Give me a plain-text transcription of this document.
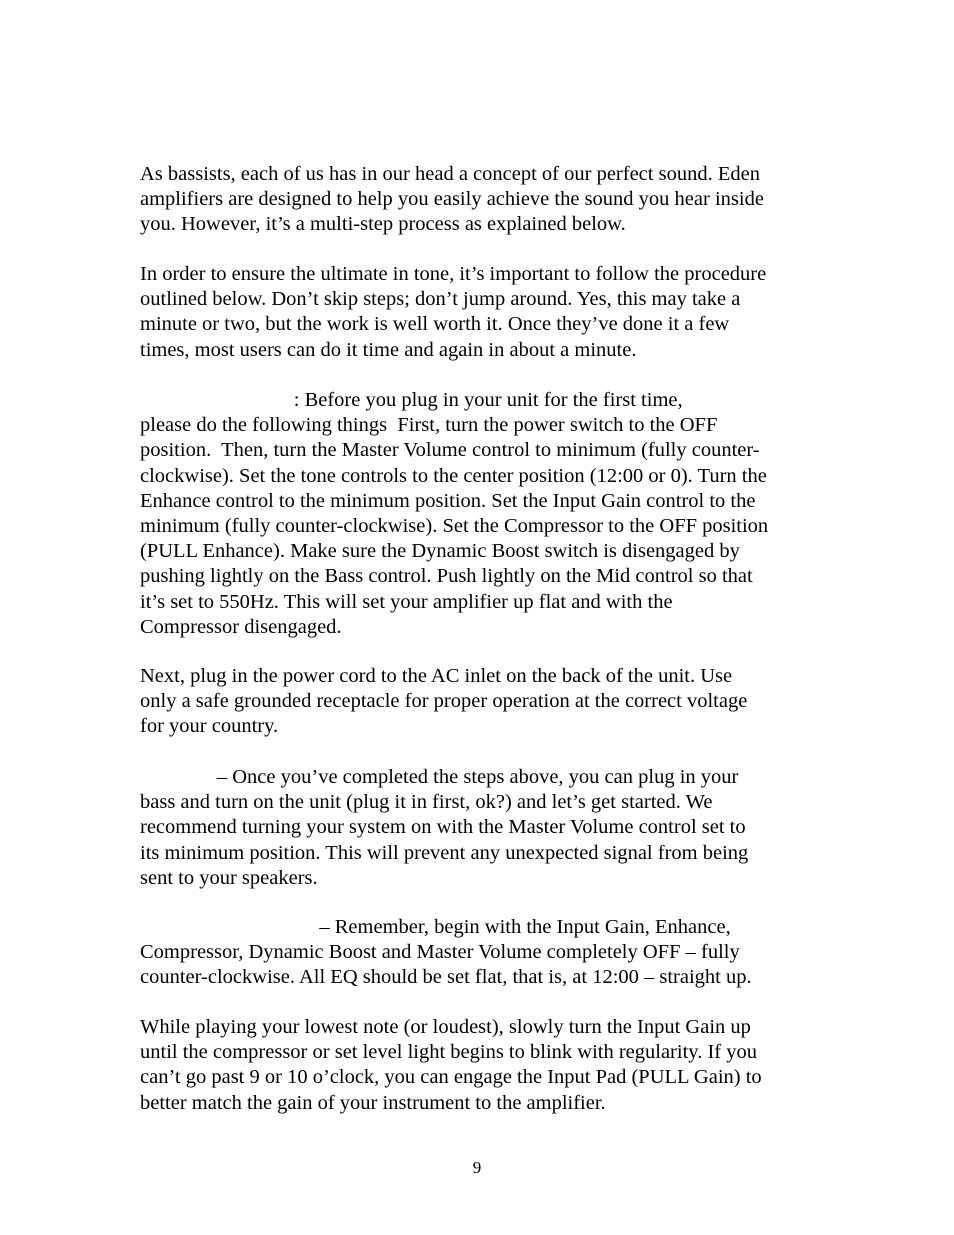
As bassists, each of us has in our head a concept of our perfect sound. Eden
amplifiers are designed to help you easily achieve the sound you hear inside
you. However, it’s a multi-step process as explained below.
In order to ensure the ultimate in tone, it’s important to follow the procedure
outlined below. Don’t skip steps; don’t jump around. Yes, this may take a
minute or two, but the work is well worth it. Once they’ve done it a few
times, most users can do it time and again in about a minute.
: Before you plug in your unit for the first time,
please do the following things  First, turn the power switch to the OFF
position.  Then, turn the Master Volume control to minimum (fully counter-
clockwise). Set the tone controls to the center position (12:00 or 0). Turn the
Enhance control to the minimum position. Set the Input Gain control to the
minimum (fully counter-clockwise). Set the Compressor to the OFF position
(PULL Enhance). Make sure the Dynamic Boost switch is disengaged by
pushing lightly on the Bass control. Push lightly on the Mid control so that
it’s set to 550Hz. This will set your amplifier up flat and with the
Compressor disengaged.
Next, plug in the power cord to the AC inlet on the back of the unit. Use
only a safe grounded receptacle for proper operation at the correct voltage
for your country.
– Once you’ve completed the steps above, you can plug in your
bass and turn on the unit (plug it in first, ok?) and let’s get started. We
recommend turning your system on with the Master Volume control set to
its minimum position. This will prevent any unexpected signal from being
sent to your speakers.
– Remember, begin with the Input Gain, Enhance,
Compressor, Dynamic Boost and Master Volume completely OFF – fully
counter-clockwise. All EQ should be set flat, that is, at 12:00 – straight up.
While playing your lowest note (or loudest), slowly turn the Input Gain up
until the compressor or set level light begins to blink with regularity. If you
can’t go past 9 or 10 o’clock, you can engage the Input Pad (PULL Gain) to
better match the gain of your instrument to the amplifier.
9
